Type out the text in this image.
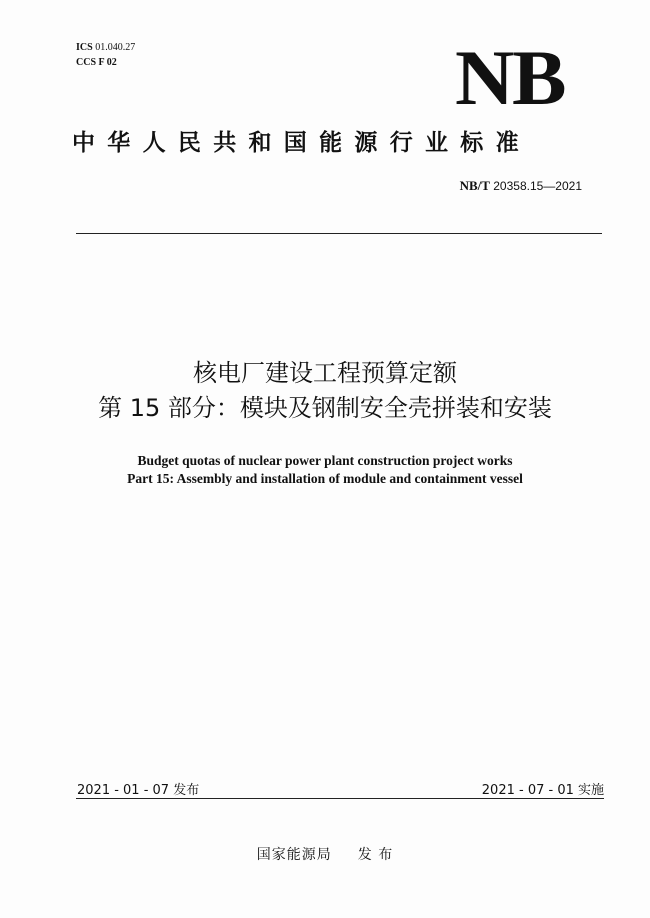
ICS 01.040.27
CCS F 02	NB
中华人民共和国能源行业标准
NB/T 20358.15—2021
核电厂建设工程预算定额
第 15 部分：模块及钢制安全壳拼装和安装
Budget quotas of nuclear power plant construction project works
Part 15: Assembly and installation of module and containment vessel
2021 - 01 - 07 发布	2021 - 07 - 01 实施
国家能源局 发 布
